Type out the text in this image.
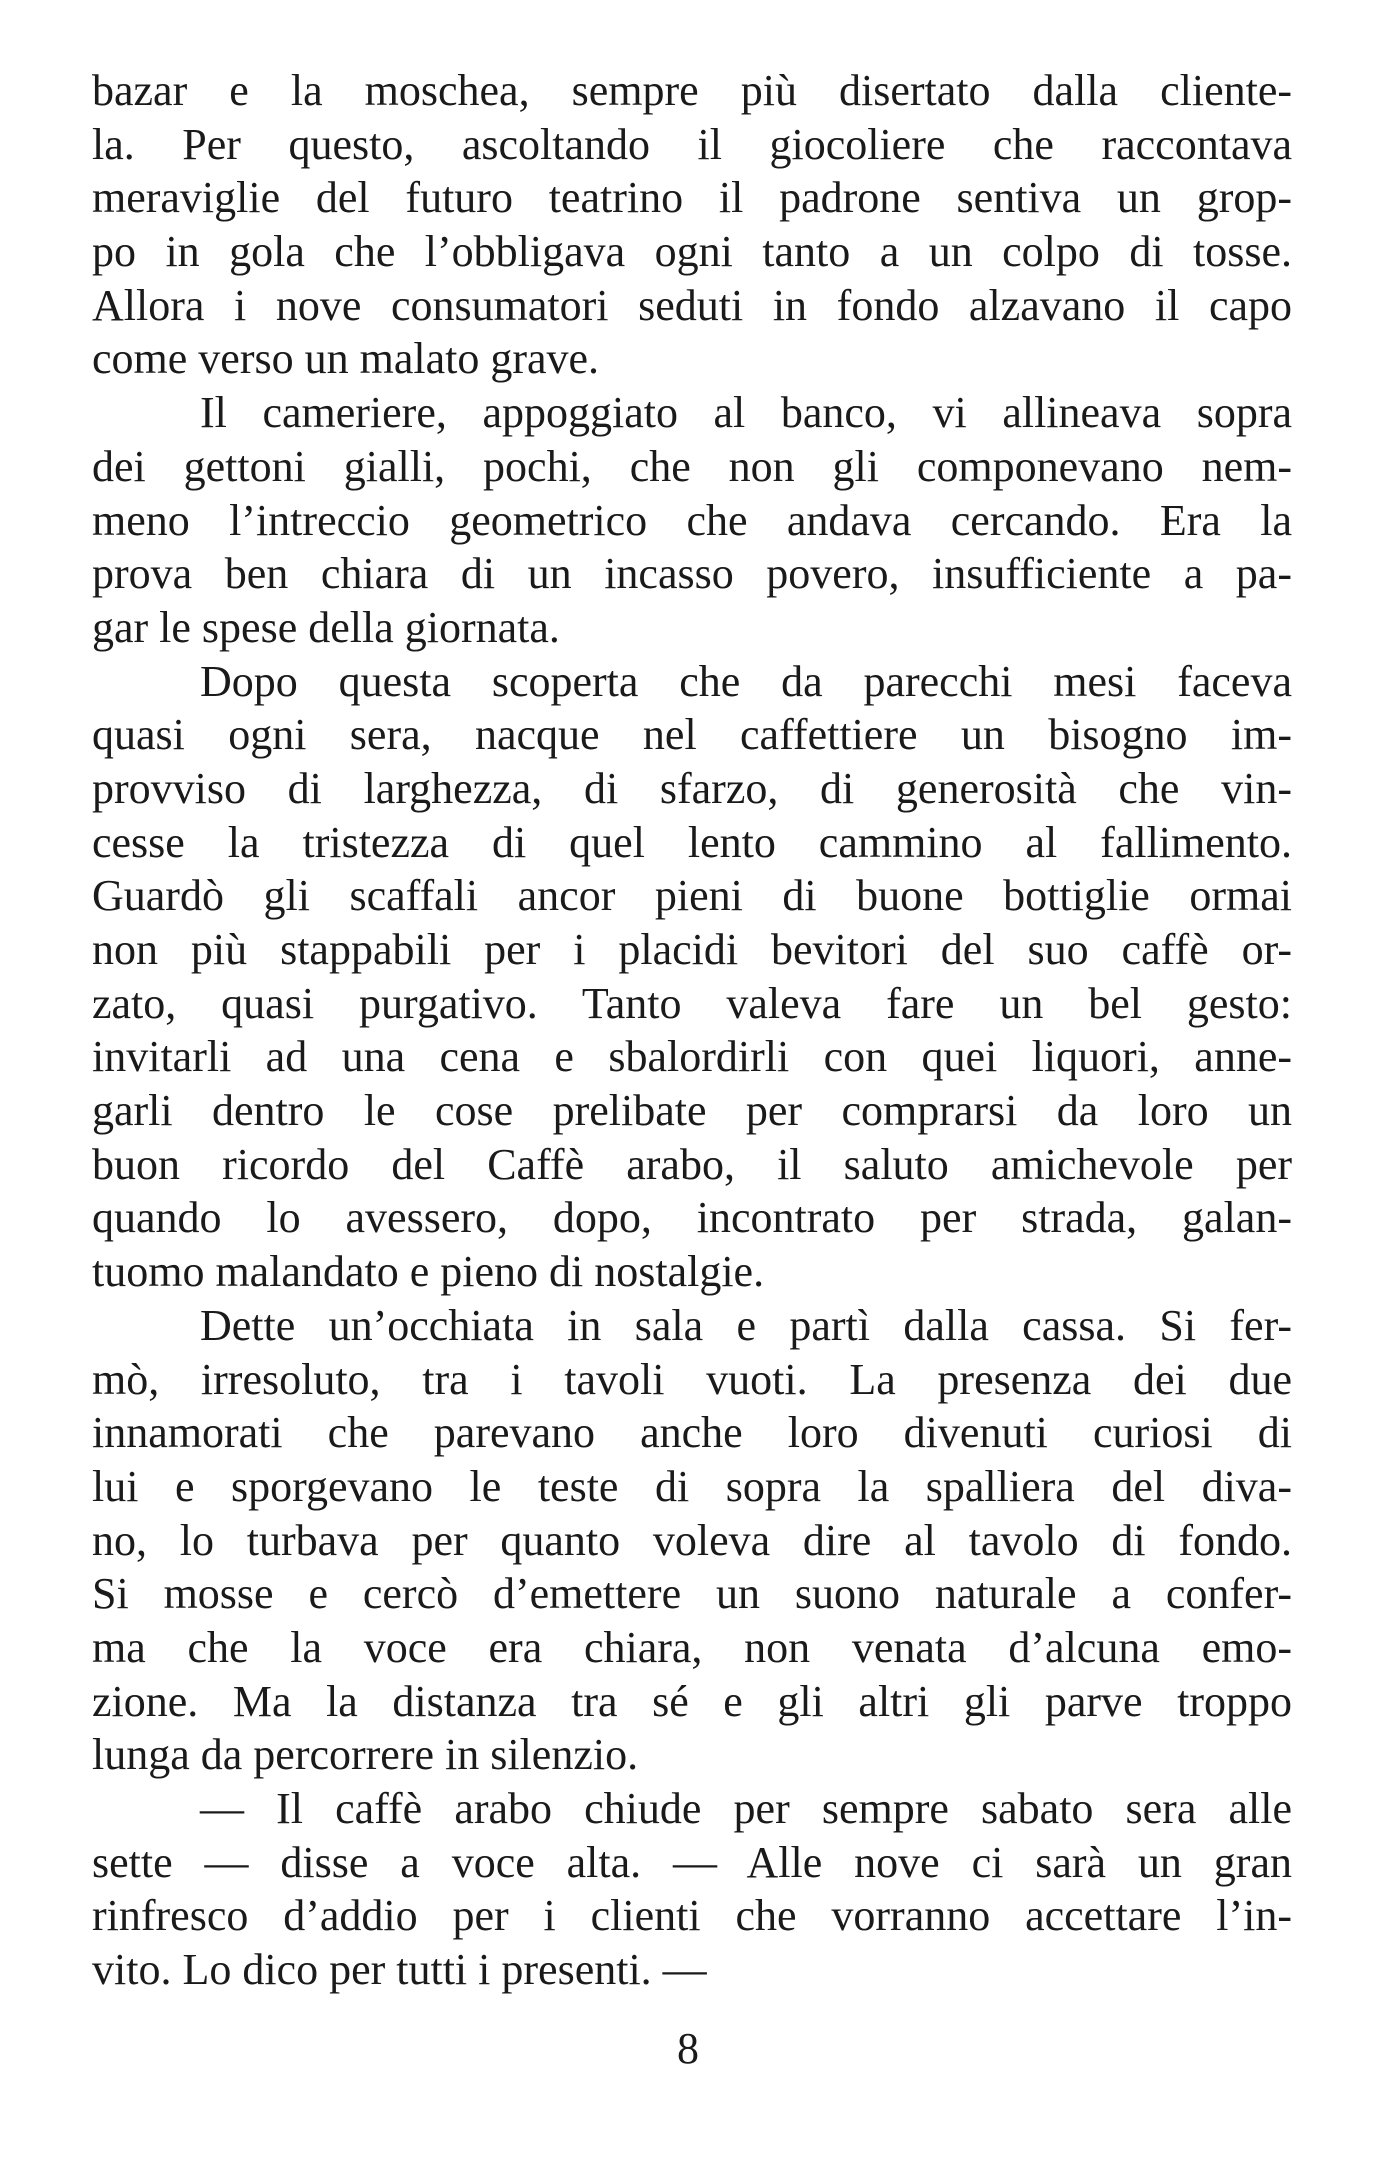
bazar e la moschea, sempre più disertato dalla cliente-
la. Per questo, ascoltando il giocoliere che raccontava
meraviglie del futuro teatrino il padrone sentiva un grop-
po in gola che l’obbligava ogni tanto a un colpo di tosse.
Allora i nove consumatori seduti in fondo alzavano il capo
come verso un malato grave.
Il cameriere, appoggiato al banco, vi allineava sopra
dei gettoni gialli, pochi, che non gli componevano nem-
meno l’intreccio geometrico che andava cercando. Era la
prova ben chiara di un incasso povero, insufficiente a pa-
gar le spese della giornata.
Dopo questa scoperta che da parecchi mesi faceva
quasi ogni sera, nacque nel caffettiere un bisogno im-
provviso di larghezza, di sfarzo, di generosità che vin-
cesse la tristezza di quel lento cammino al fallimento.
Guardò gli scaffali ancor pieni di buone bottiglie ormai
non più stappabili per i placidi bevitori del suo caffè or-
zato, quasi purgativo. Tanto valeva fare un bel gesto:
invitarli ad una cena e sbalordirli con quei liquori, anne-
garli dentro le cose prelibate per comprarsi da loro un
buon ricordo del Caffè arabo, il saluto amichevole per
quando lo avessero, dopo, incontrato per strada, galan-
tuomo malandato e pieno di nostalgie.
Dette un’occhiata in sala e partì dalla cassa. Si fer-
mò, irresoluto, tra i tavoli vuoti. La presenza dei due
innamorati che parevano anche loro divenuti curiosi di
lui e sporgevano le teste di sopra la spalliera del diva-
no, lo turbava per quanto voleva dire al tavolo di fondo.
Si mosse e cercò d’emettere un suono naturale a confer-
ma che la voce era chiara, non venata d’alcuna emo-
zione. Ma la distanza tra sé e gli altri gli parve troppo
lunga da percorrere in silenzio.
— Il caffè arabo chiude per sempre sabato sera alle
sette — disse a voce alta. — Alle nove ci sarà un gran
rinfresco d’addio per i clienti che vorranno accettare l’in-
vito. Lo dico per tutti i presenti. —
8
